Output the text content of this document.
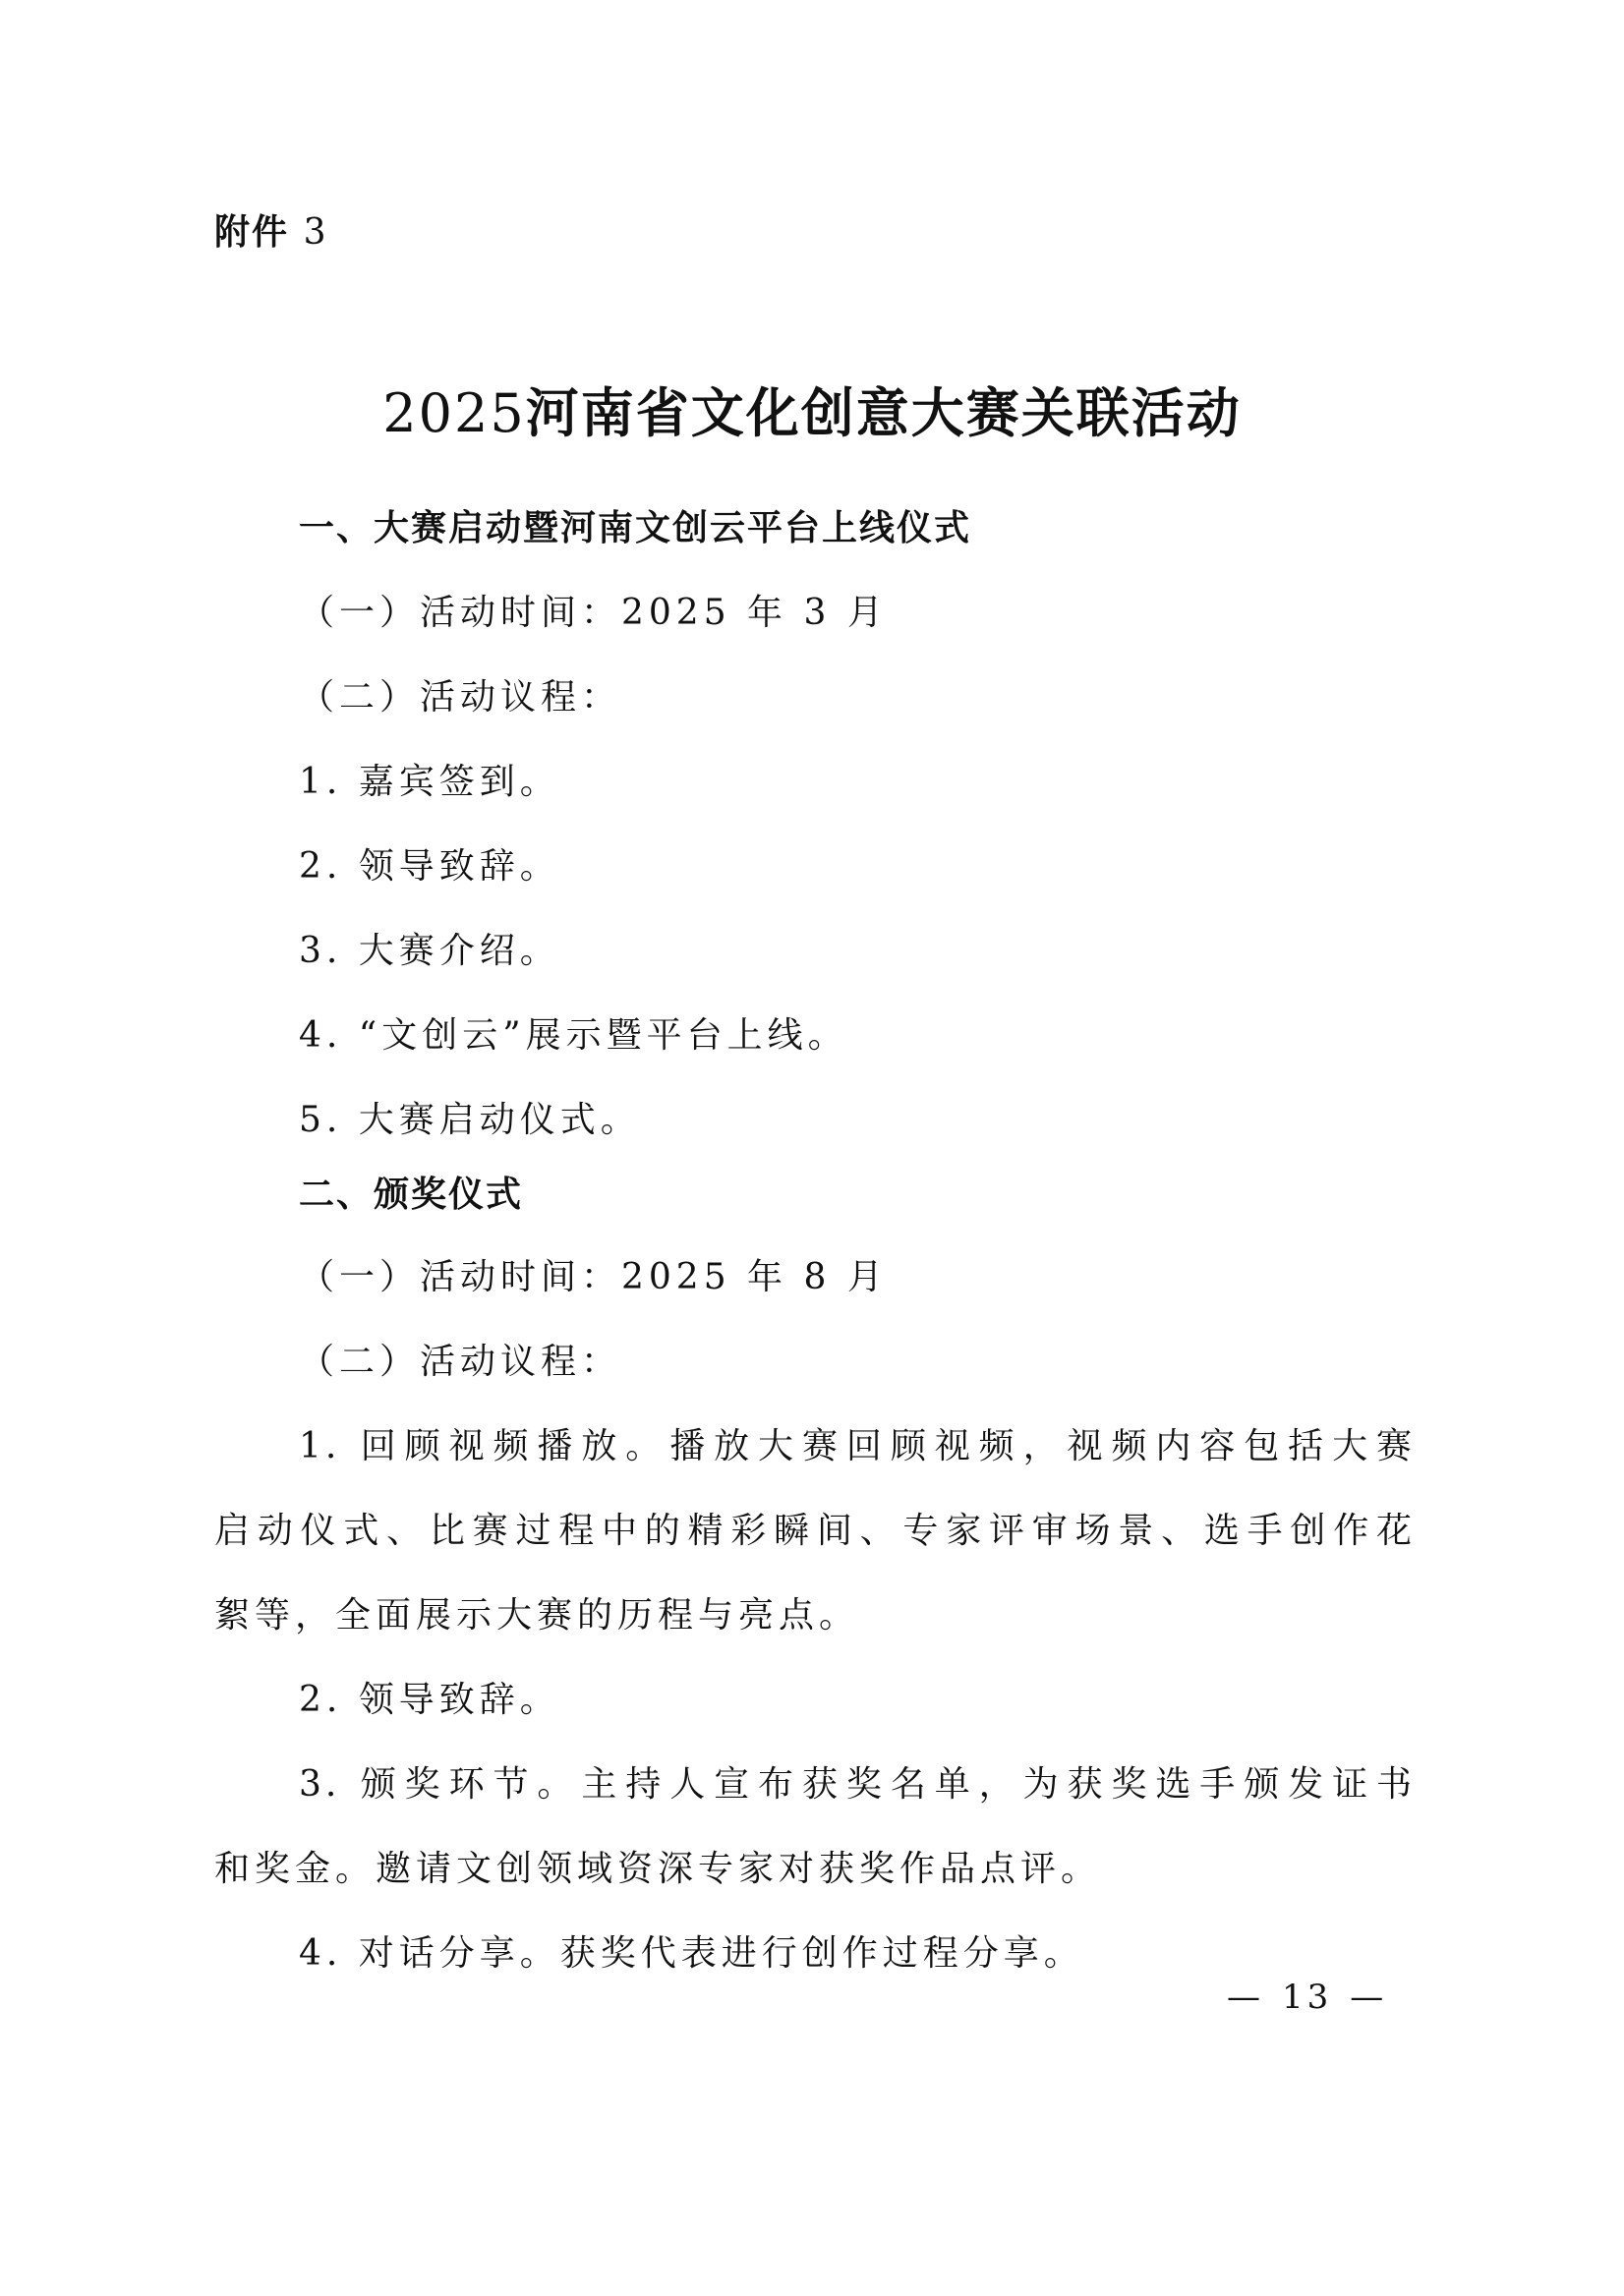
附件 3
2025河南省文化创意大赛关联活动
一、大赛启动暨河南文创云平台上线仪式
（一）活动时间：2025 年 3 月
（二）活动议程：
1. 嘉宾签到。
2. 领导致辞。
3. 大赛介绍。
4. “文创云”展示暨平台上线。
5. 大赛启动仪式。
二、颁奖仪式
（一）活动时间：2025 年 8 月
（二）活动议程：
1. 回顾视频播放。播放大赛回顾视频，视频内容包括大赛
启动仪式、比赛过程中的精彩瞬间、专家评审场景、选手创作花
絮等，全面展示大赛的历程与亮点。
2. 领导致辞。
3. 颁奖环节。主持人宣布获奖名单，为获奖选手颁发证书
和奖金。邀请文创领域资深专家对获奖作品点评。
4. 对话分享。获奖代表进行创作过程分享。
— 13 —
